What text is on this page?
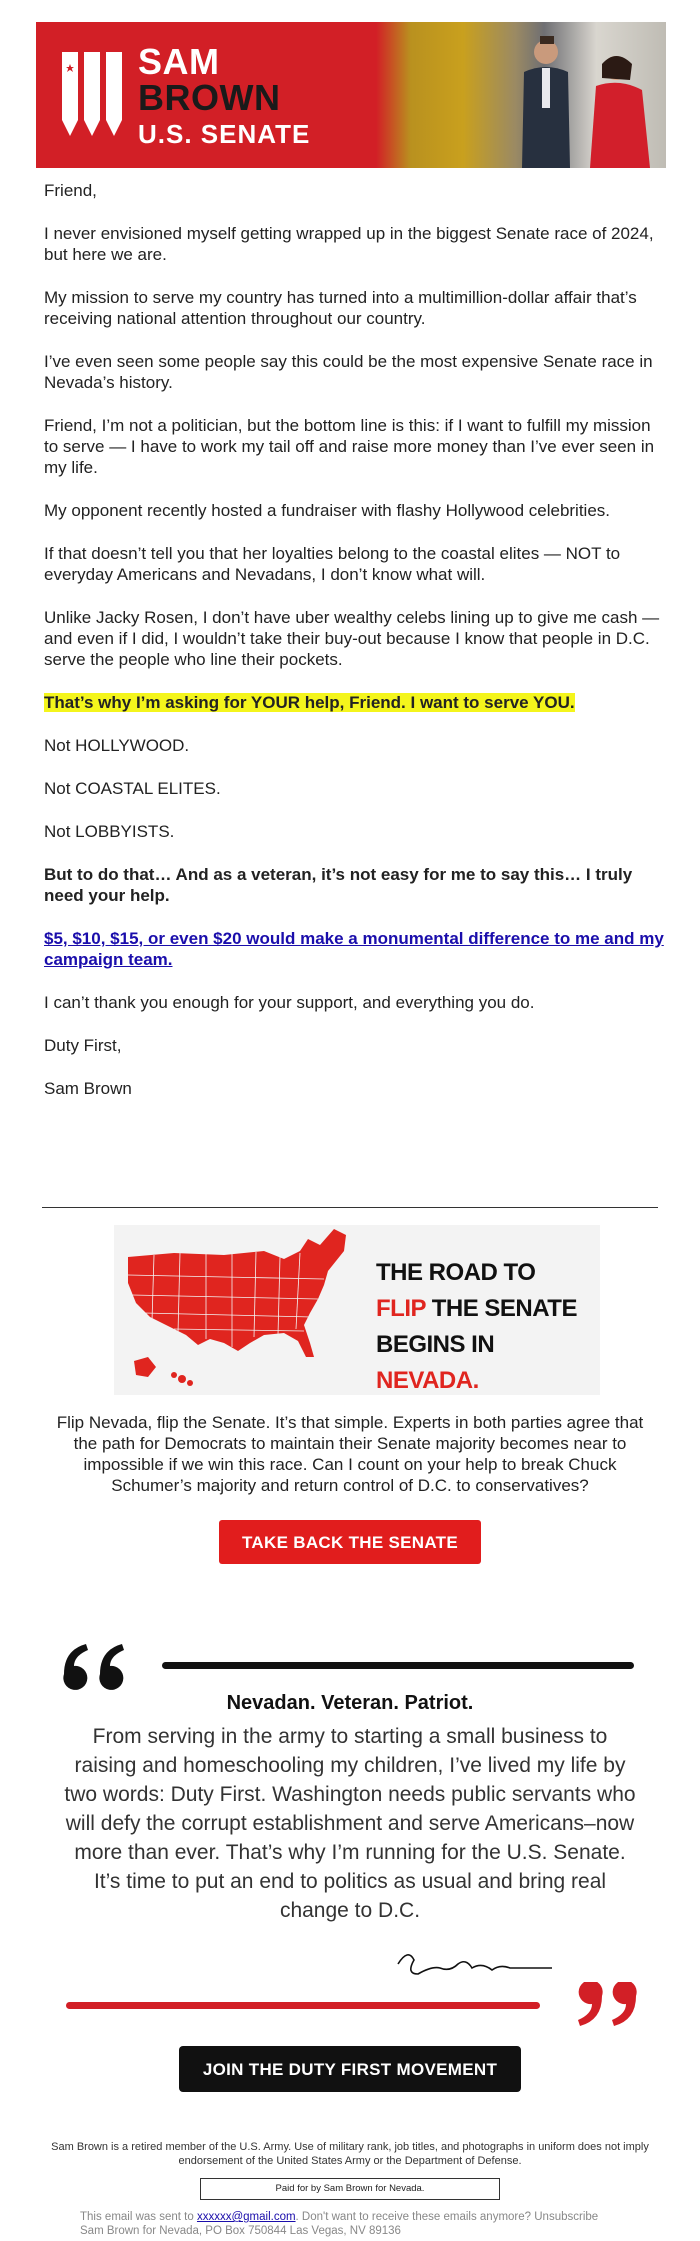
SAM
BROWN
U.S. SENATE

Friend,

I never envisioned myself getting wrapped up in the biggest Senate race of 2024, but here we are.

My mission to serve my country has turned into a multimillion-dollar affair that’s receiving national attention throughout our country.

I’ve even seen some people say this could be the most expensive Senate race in Nevada’s history.

Friend, I’m not a politician, but the bottom line is this: if I want to fulfill my mission to serve — I have to work my tail off and raise more money than I’ve ever seen in my life.

My opponent recently hosted a fundraiser with flashy Hollywood celebrities.

If that doesn’t tell you that her loyalties belong to the coastal elites — NOT to everyday Americans and Nevadans, I don’t know what will.

Unlike Jacky Rosen, I don’t have uber wealthy celebs lining up to give me cash — and even if I did, I wouldn’t take their buy-out because I know that people in D.C. serve the people who line their pockets.

That’s why I’m asking for YOUR help, Friend. I want to serve YOU.

Not HOLLYWOOD.

Not COASTAL ELITES.

Not LOBBYISTS.

But to do that… And as a veteran, it’s not easy for me to say this… I truly need your help.

$5, $10, $15, or even $20 would make a monumental difference to me and my campaign team.

I can’t thank you enough for your support, and everything you do.

Duty First,

Sam Brown

THE ROAD TO
FLIP THE SENATE
BEGINS IN NEVADA.
Flip Nevada, flip the Senate. It’s that simple. Experts in both parties agree that the path for Democrats to maintain their Senate majority becomes near to impossible if we win this race. Can I count on your help to break Chuck Schumer’s majority and return control of D.C. to conservatives?
TAKE BACK THE SENATE
Nevadan. Veteran. Patriot.
From serving in the army to starting a small business to raising and homeschooling my children, I’ve lived my life by two words: Duty First. Washington needs public servants who will defy the corrupt establishment and serve Americans–now more than ever. That’s why I’m running for the U.S. Senate. It’s time to put an end to politics as usual and bring real change to D.C.
JOIN THE DUTY FIRST MOVEMENT
Sam Brown is a retired member of the U.S. Army. Use of military rank, job titles, and photographs in uniform does not imply endorsement of the United States Army or the Department of Defense.
Paid for by Sam Brown for Nevada.
This email was sent to xxxxxx@gmail.com. Don't want to receive these emails anymore? Unsubscribe
Sam Brown for Nevada, PO Box 750844 Las Vegas, NV 89136
